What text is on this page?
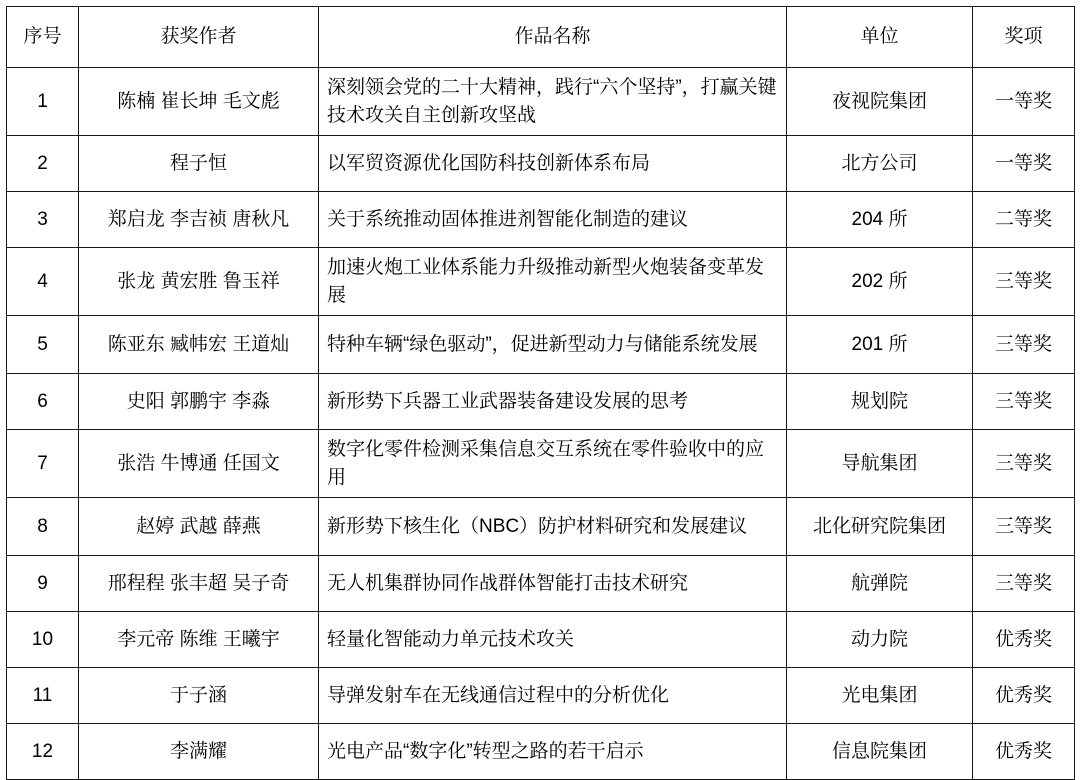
序号	获奖作者	作品名称	单位	奖项
1	陈楠 崔长坤 毛文彪	深刻领会党的二十大精神，践行“六个坚持”，打赢关键技术攻关自主创新攻坚战	夜视院集团	一等奖
2	程子恒	以军贸资源优化国防科技创新体系布局	北方公司	一等奖
3	郑启龙 李吉祯 唐秋凡	关于系统推动固体推进剂智能化制造的建议	204 所	二等奖
4	张龙 黄宏胜 鲁玉祥	加速火炮工业体系能力升级推动新型火炮装备变革发展	202 所	三等奖
5	陈亚东 臧帏宏 王道灿	特种车辆“绿色驱动”，促进新型动力与储能系统发展	201 所	三等奖
6	史阳 郭鹏宇 李淼	新形势下兵器工业武器装备建设发展的思考	规划院	三等奖
7	张浩 牛博通 任国文	数字化零件检测采集信息交互系统在零件验收中的应用	导航集团	三等奖
8	赵婷 武越 薛燕	新形势下核生化（NBC）防护材料研究和发展建议	北化研究院集团	三等奖
9	邢程程 张丰超 吴子奇	无人机集群协同作战群体智能打击技术研究	航弹院	三等奖
10	李元帝 陈维 王曦宇	轻量化智能动力单元技术攻关	动力院	优秀奖
11	于子涵	导弹发射车在无线通信过程中的分析优化	光电集团	优秀奖
12	李满耀	光电产品“数字化”转型之路的若干启示	信息院集团	优秀奖
